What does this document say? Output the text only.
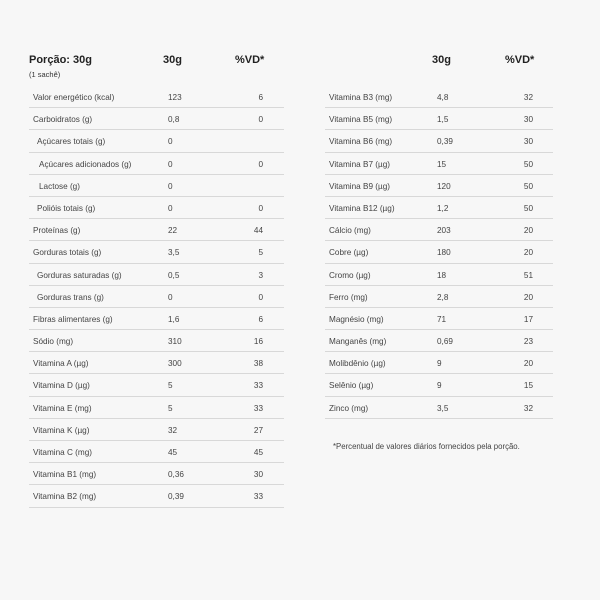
Porção: 30g
(1 sachê)
30g	%VD*
Valor energético (kcal)	123	6
Carboidratos (g)	0,8	0
Açúcares totais (g)	0
Açúcares adicionados (g)	0	0
Lactose (g)	0
Polióis totais (g)	0	0
Proteínas (g)	22	44
Gorduras totais (g)	3,5	5
Gorduras saturadas (g)	0,5	3
Gorduras trans (g)	0	0
Fibras alimentares (g)	1,6	6
Sódio (mg)	310	16
Vitamina A (µg)	300	38
Vitamina D (µg)	5	33
Vitamina E (mg)	5	33
Vitamina K (µg)	32	27
Vitamina C (mg)	45	45
Vitamina B1 (mg)	0,36	30
Vitamina B2 (mg)	0,39	33
30g	%VD*
Vitamina B3 (mg)	4,8	32
Vitamina B5 (mg)	1,5	30
Vitamina B6 (mg)	0,39	30
Vitamina B7 (µg)	15	50
Vitamina B9 (µg)	120	50
Vitamina B12 (µg)	1,2	50
Cálcio (mg)	203	20
Cobre (µg)	180	20
Cromo (µg)	18	51
Ferro (mg)	2,8	20
Magnésio (mg)	71	17
Manganês (mg)	0,69	23
Molibdênio (µg)	9	20
Selênio (µg)	9	15
Zinco (mg)	3,5	32
*Percentual de valores diários fornecidos pela porção.
